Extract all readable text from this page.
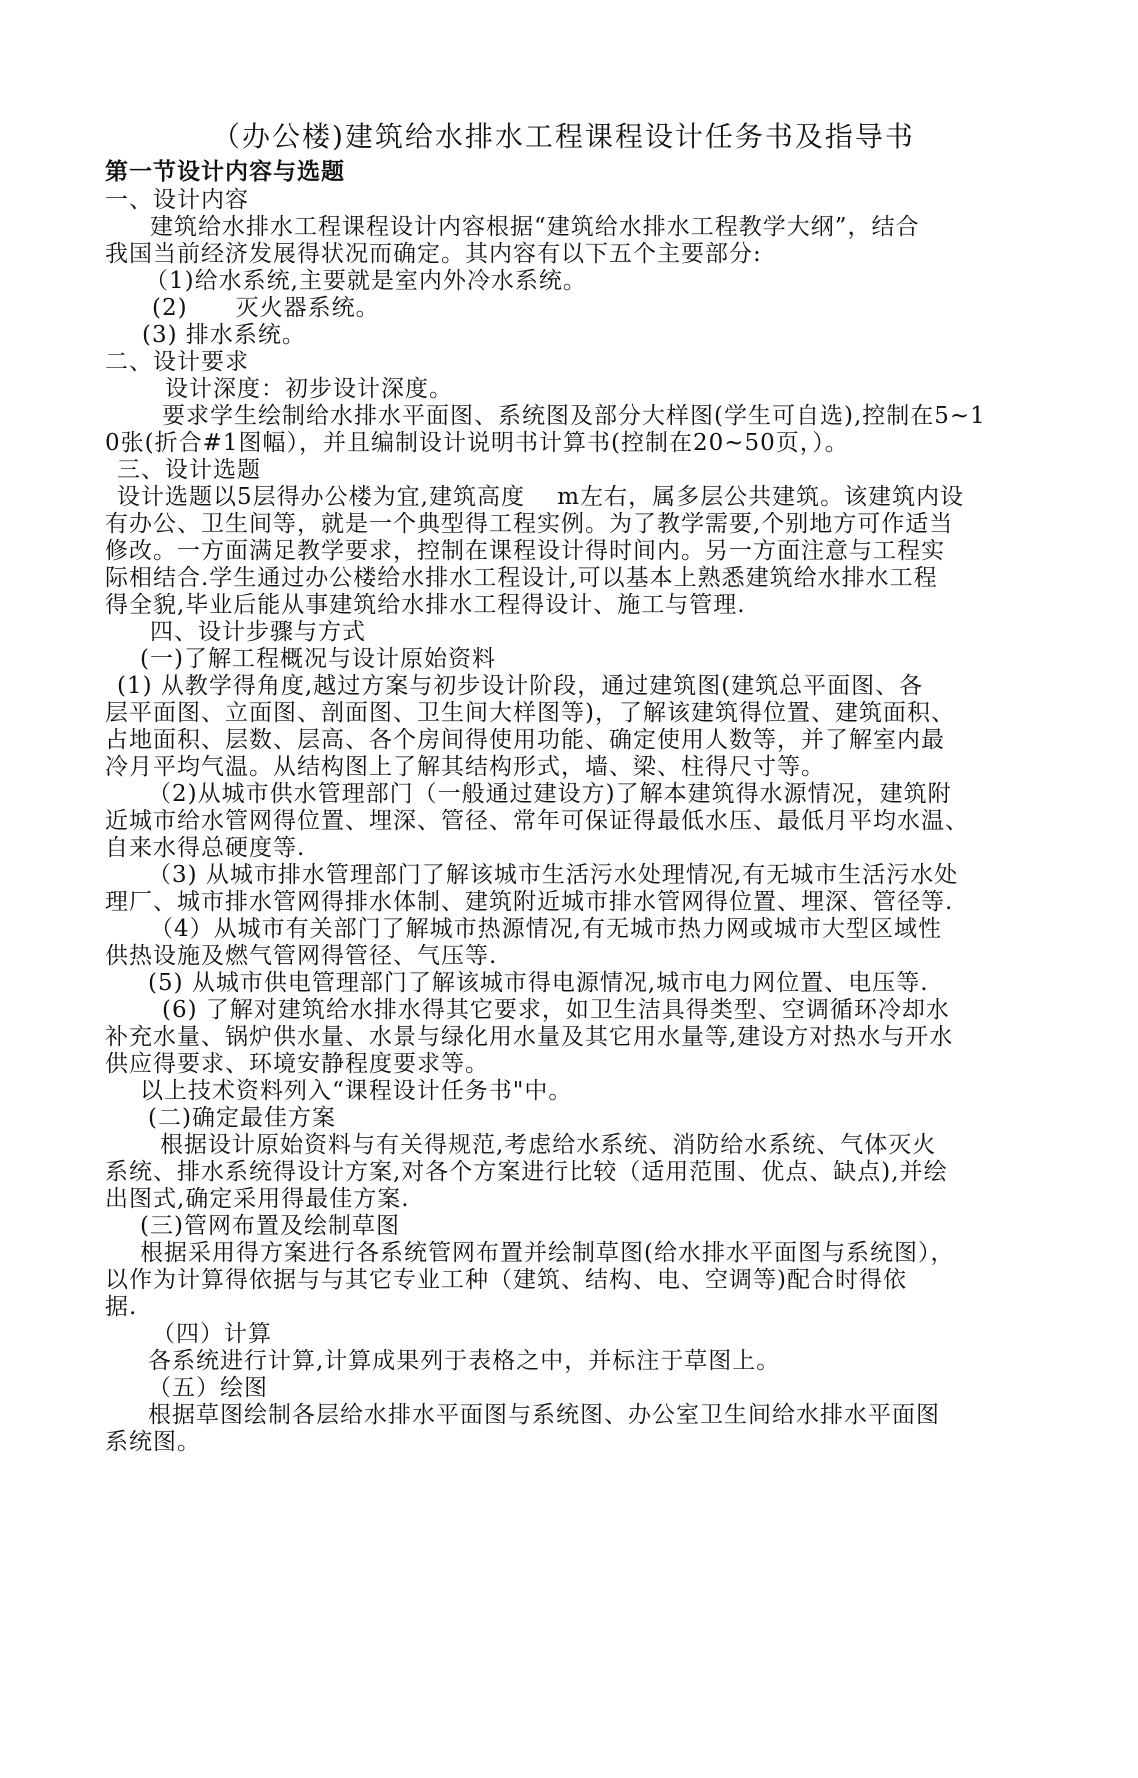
（办公楼)建筑给水排水工程课程设计任务书及指导书
第一节设计内容与选题
一、设计内容
建筑给水排水工程课程设计内容根据“建筑给水排水工程教学大纲”，结合
我国当前经济发展得状况而确定。其内容有以下五个主要部分:
（1)给水系统,主要就是室内外冷水系统。
(2)　　灭火器系统。
(3) 排水系统。
二、设计要求
设计深度：初步设计深度。
要求学生绘制给水排水平面图、系统图及部分大样图(学生可自选),控制在5~1
0张(折合#1图幅），并且编制设计说明书计算书(控制在20~50页，）。
三、设计选题
设计选题以5层得办公楼为宜,建筑高度　 m左右，属多层公共建筑。该建筑内设
有办公、卫生间等，就是一个典型得工程实例。为了教学需要,个别地方可作适当
修改。一方面满足教学要求，控制在课程设计得时间内。另一方面注意与工程实
际相结合.学生通过办公楼给水排水工程设计,可以基本上熟悉建筑给水排水工程
得全貌,毕业后能从事建筑给水排水工程得设计、施工与管理.
四、设计步骤与方式
(一)了解工程概况与设计原始资料
(1) 从教学得角度,越过方案与初步设计阶段，通过建筑图(建筑总平面图、各
层平面图、立面图、剖面图、卫生间大样图等)，了解该建筑得位置、建筑面积、
占地面积、层数、层高、各个房间得使用功能、确定使用人数等，并了解室内最
冷月平均气温。从结构图上了解其结构形式，墙、梁、柱得尺寸等。
（2)从城市供水管理部门（一般通过建设方)了解本建筑得水源情况，建筑附
近城市给水管网得位置、埋深、管径、常年可保证得最低水压、最低月平均水温、
自来水得总硬度等.
（3) 从城市排水管理部门了解该城市生活污水处理情况,有无城市生活污水处
理厂、城市排水管网得排水体制、建筑附近城市排水管网得位置、埋深、管径等.
（4）从城市有关部门了解城市热源情况,有无城市热力网或城市大型区域性
供热设施及燃气管网得管径、气压等.
(5) 从城市供电管理部门了解该城市得电源情况,城市电力网位置、电压等.
(6) 了解对建筑给水排水得其它要求，如卫生洁具得类型、空调循环冷却水
补充水量、锅炉供水量、水景与绿化用水量及其它用水量等,建设方对热水与开水
供应得要求、环境安静程度要求等。
以上技术资料列入“课程设计任务书"中。
(二)确定最佳方案
根据设计原始资料与有关得规范,考虑给水系统、消防给水系统、气体灭火
系统、排水系统得设计方案,对各个方案进行比较（适用范围、优点、缺点),并绘
出图式,确定采用得最佳方案.
(三)管网布置及绘制草图
根据采用得方案进行各系统管网布置并绘制草图(给水排水平面图与系统图），
以作为计算得依据与与其它专业工种（建筑、结构、电、空调等)配合时得依
据.
（四）计算
各系统进行计算,计算成果列于表格之中，并标注于草图上。
（五）绘图
根据草图绘制各层给水排水平面图与系统图、办公室卫生间给水排水平面图
系统图。
